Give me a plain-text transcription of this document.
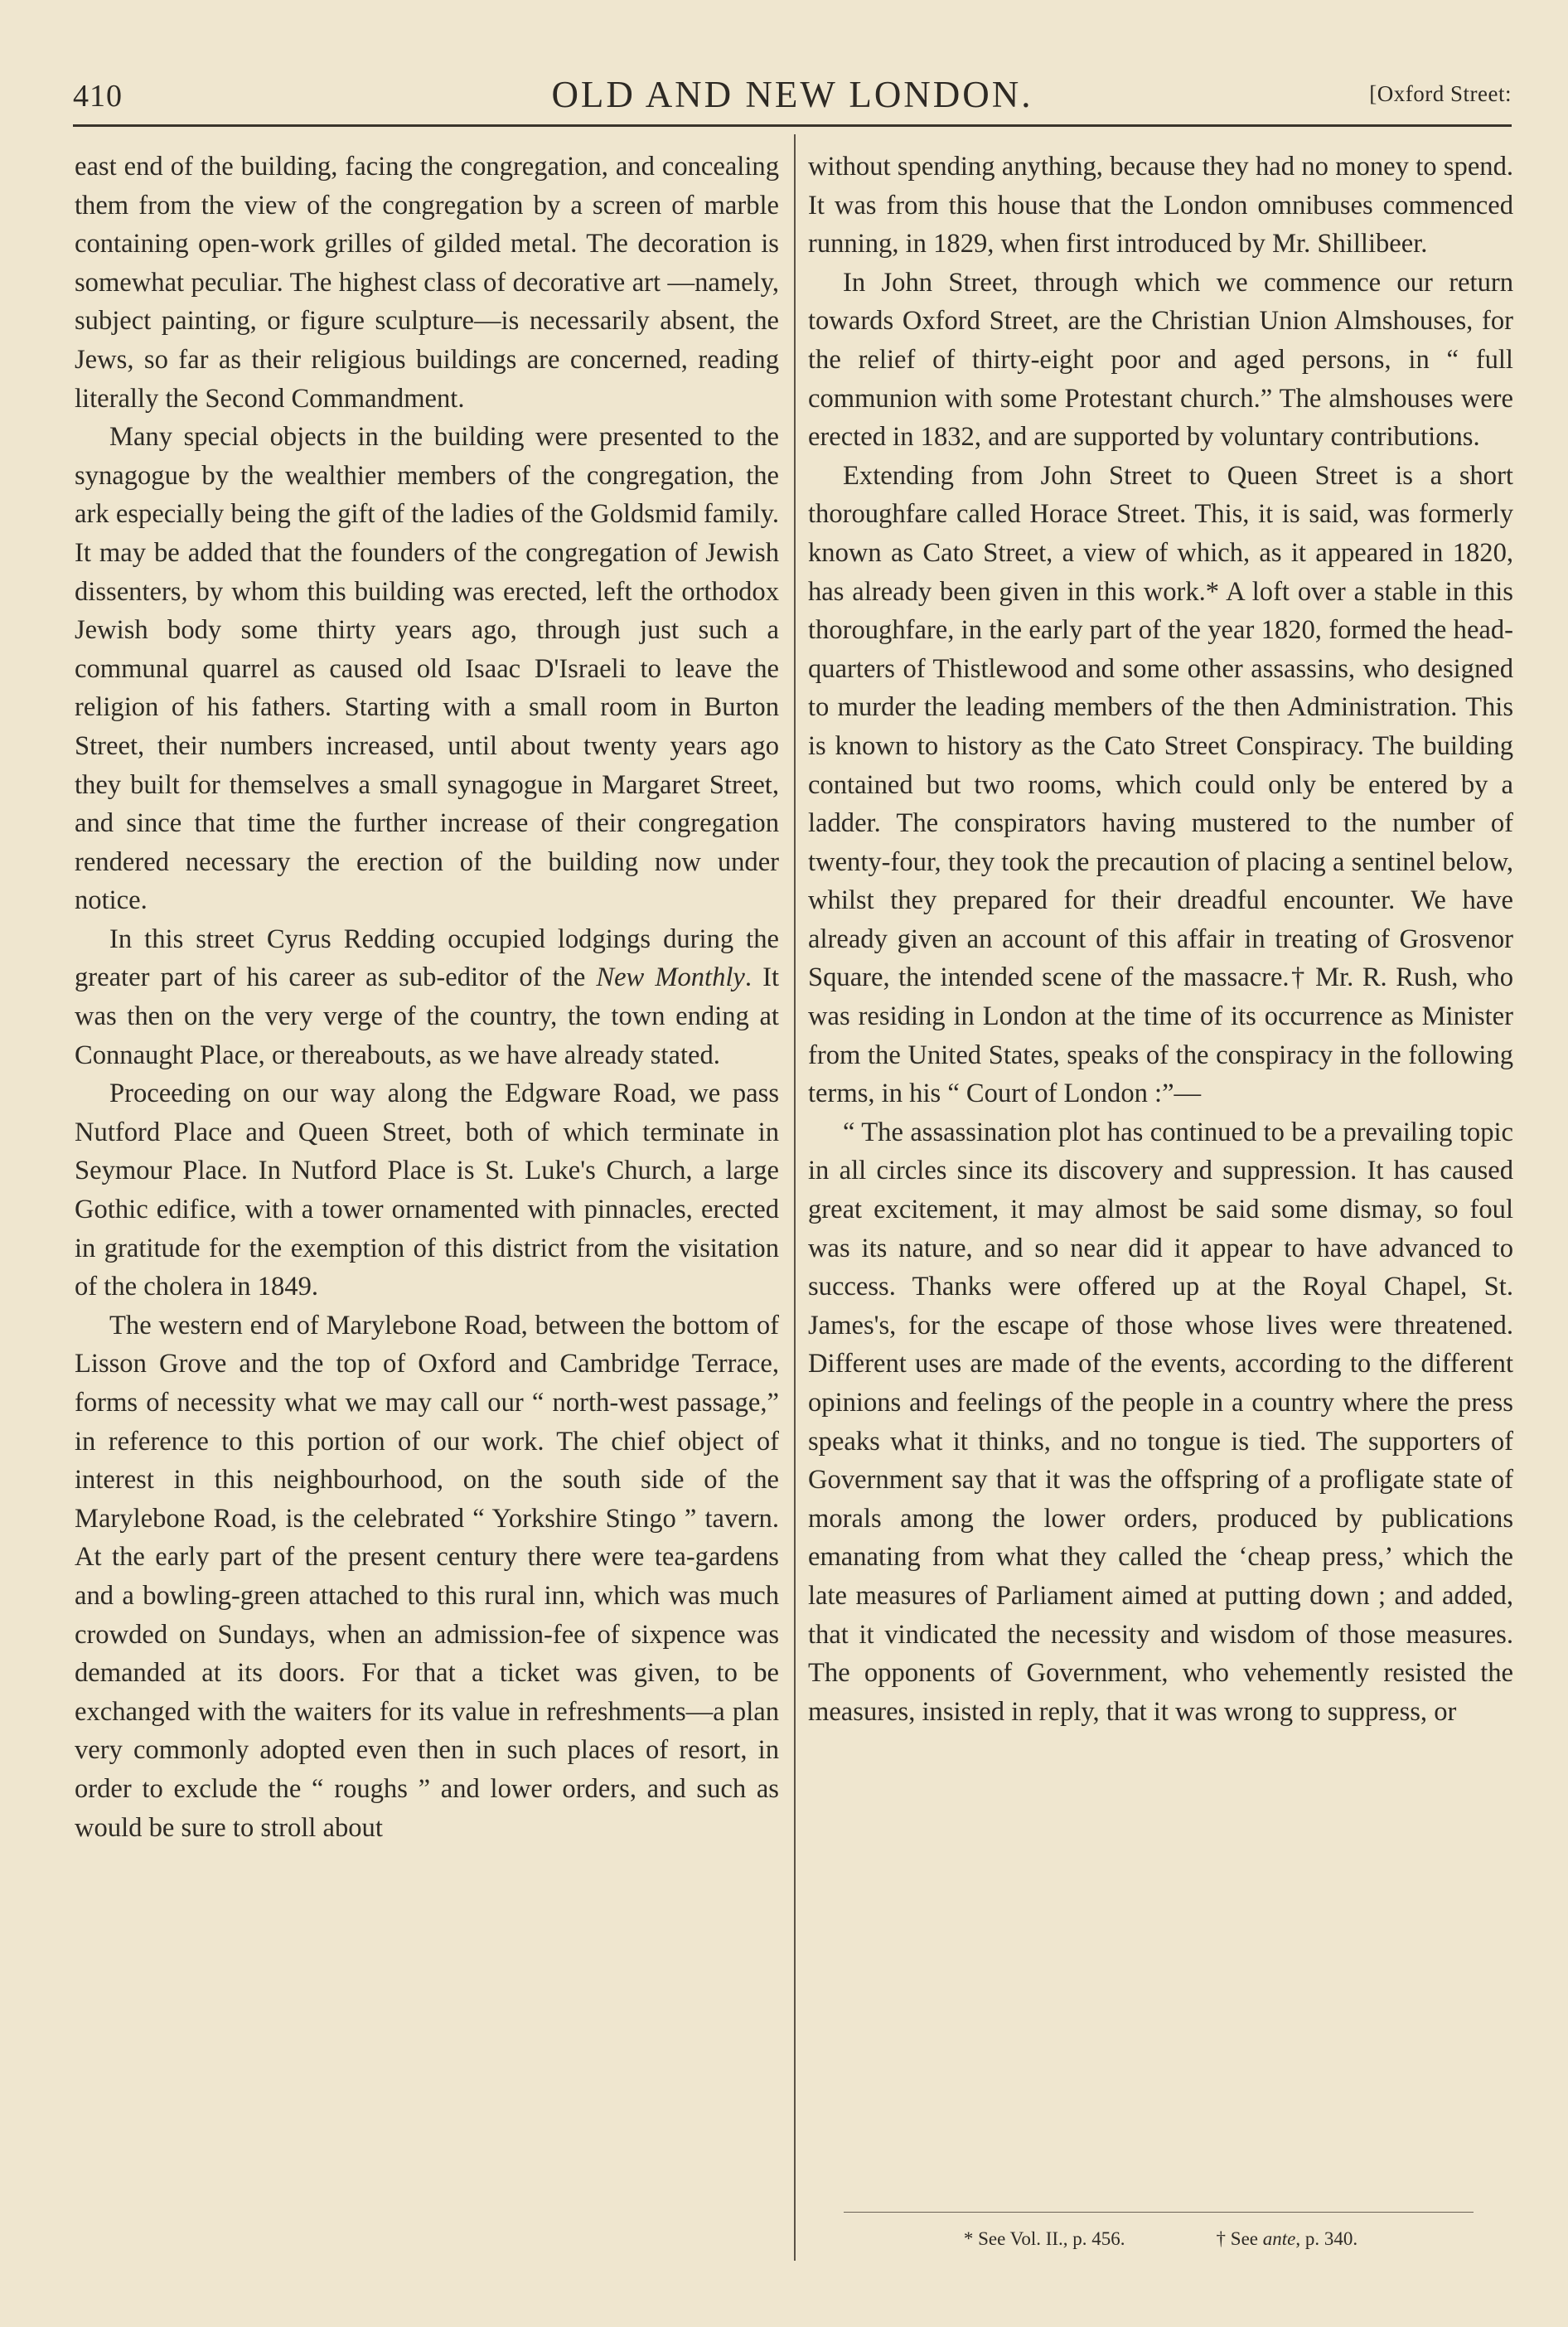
410	OLD AND NEW LONDON.	[Oxford Street:

east end of the building, facing the congregation, and concealing them from the view of the congregation by a screen of marble containing open-work grilles of gilded metal. The decoration is somewhat peculiar. The highest class of decorative art —namely, subject painting, or figure sculpture—is necessarily absent, the Jews, so far as their religious buildings are concerned, reading literally the Second Commandment.

Many special objects in the building were presented to the synagogue by the wealthier members of the congregation, the ark especially being the gift of the ladies of the Goldsmid family. It may be added that the founders of the congregation of Jewish dissenters, by whom this building was erected, left the orthodox Jewish body some thirty years ago, through just such a communal quarrel as caused old Isaac D'Israeli to leave the religion of his fathers. Starting with a small room in Burton Street, their numbers increased, until about twenty years ago they built for themselves a small synagogue in Margaret Street, and since that time the further increase of their congregation rendered necessary the erection of the building now under notice.

In this street Cyrus Redding occupied lodgings during the greater part of his career as sub-editor of the New Monthly. It was then on the very verge of the country, the town ending at Connaught Place, or thereabouts, as we have already stated.

Proceeding on our way along the Edgware Road, we pass Nutford Place and Queen Street, both of which terminate in Seymour Place. In Nutford Place is St. Luke's Church, a large Gothic edifice, with a tower ornamented with pinnacles, erected in gratitude for the exemption of this district from the visitation of the cholera in 1849.

The western end of Marylebone Road, between the bottom of Lisson Grove and the top of Oxford and Cambridge Terrace, forms of necessity what we may call our “ north-west passage,” in reference to this portion of our work. The chief object of interest in this neighbourhood, on the south side of the Marylebone Road, is the celebrated “ Yorkshire Stingo ” tavern. At the early part of the present century there were tea-gardens and a bowling-green attached to this rural inn, which was much crowded on Sundays, when an admission-fee of sixpence was demanded at its doors. For that a ticket was given, to be exchanged with the waiters for its value in refreshments—a plan very commonly adopted even then in such places of resort, in order to exclude the “ roughs ” and lower orders, and such as would be sure to stroll about

without spending anything, because they had no money to spend. It was from this house that the London omnibuses commenced running, in 1829, when first introduced by Mr. Shillibeer.

In John Street, through which we commence our return towards Oxford Street, are the Christian Union Almshouses, for the relief of thirty-eight poor and aged persons, in “ full communion with some Protestant church.” The almshouses were erected in 1832, and are supported by voluntary contributions.

Extending from John Street to Queen Street is a short thoroughfare called Horace Street. This, it is said, was formerly known as Cato Street, a view of which, as it appeared in 1820, has already been given in this work.* A loft over a stable in this thoroughfare, in the early part of the year 1820, formed the head-quarters of Thistlewood and some other assassins, who designed to murder the leading members of the then Administration. This is known to history as the Cato Street Conspiracy. The building contained but two rooms, which could only be entered by a ladder. The conspirators having mustered to the number of twenty-four, they took the precaution of placing a sentinel below, whilst they prepared for their dreadful encounter. We have already given an account of this affair in treating of Grosvenor Square, the intended scene of the massacre.† Mr. R. Rush, who was residing in London at the time of its occurrence as Minister from the United States, speaks of the conspiracy in the following terms, in his “ Court of London :”—

“ The assassination plot has continued to be a prevailing topic in all circles since its discovery and suppression. It has caused great excitement, it may almost be said some dismay, so foul was its nature, and so near did it appear to have advanced to success. Thanks were offered up at the Royal Chapel, St. James's, for the escape of those whose lives were threatened. Different uses are made of the events, according to the different opinions and feelings of the people in a country where the press speaks what it thinks, and no tongue is tied. The supporters of Government say that it was the offspring of a profligate state of morals among the lower orders, produced by publications emanating from what they called the ‘cheap press,’ which the late measures of Parliament aimed at putting down ; and added, that it vindicated the necessity and wisdom of those measures. The opponents of Government, who vehemently resisted the measures, insisted in reply, that it was wrong to suppress, or

* See Vol. II., p. 456.	† See ante, p. 340.
